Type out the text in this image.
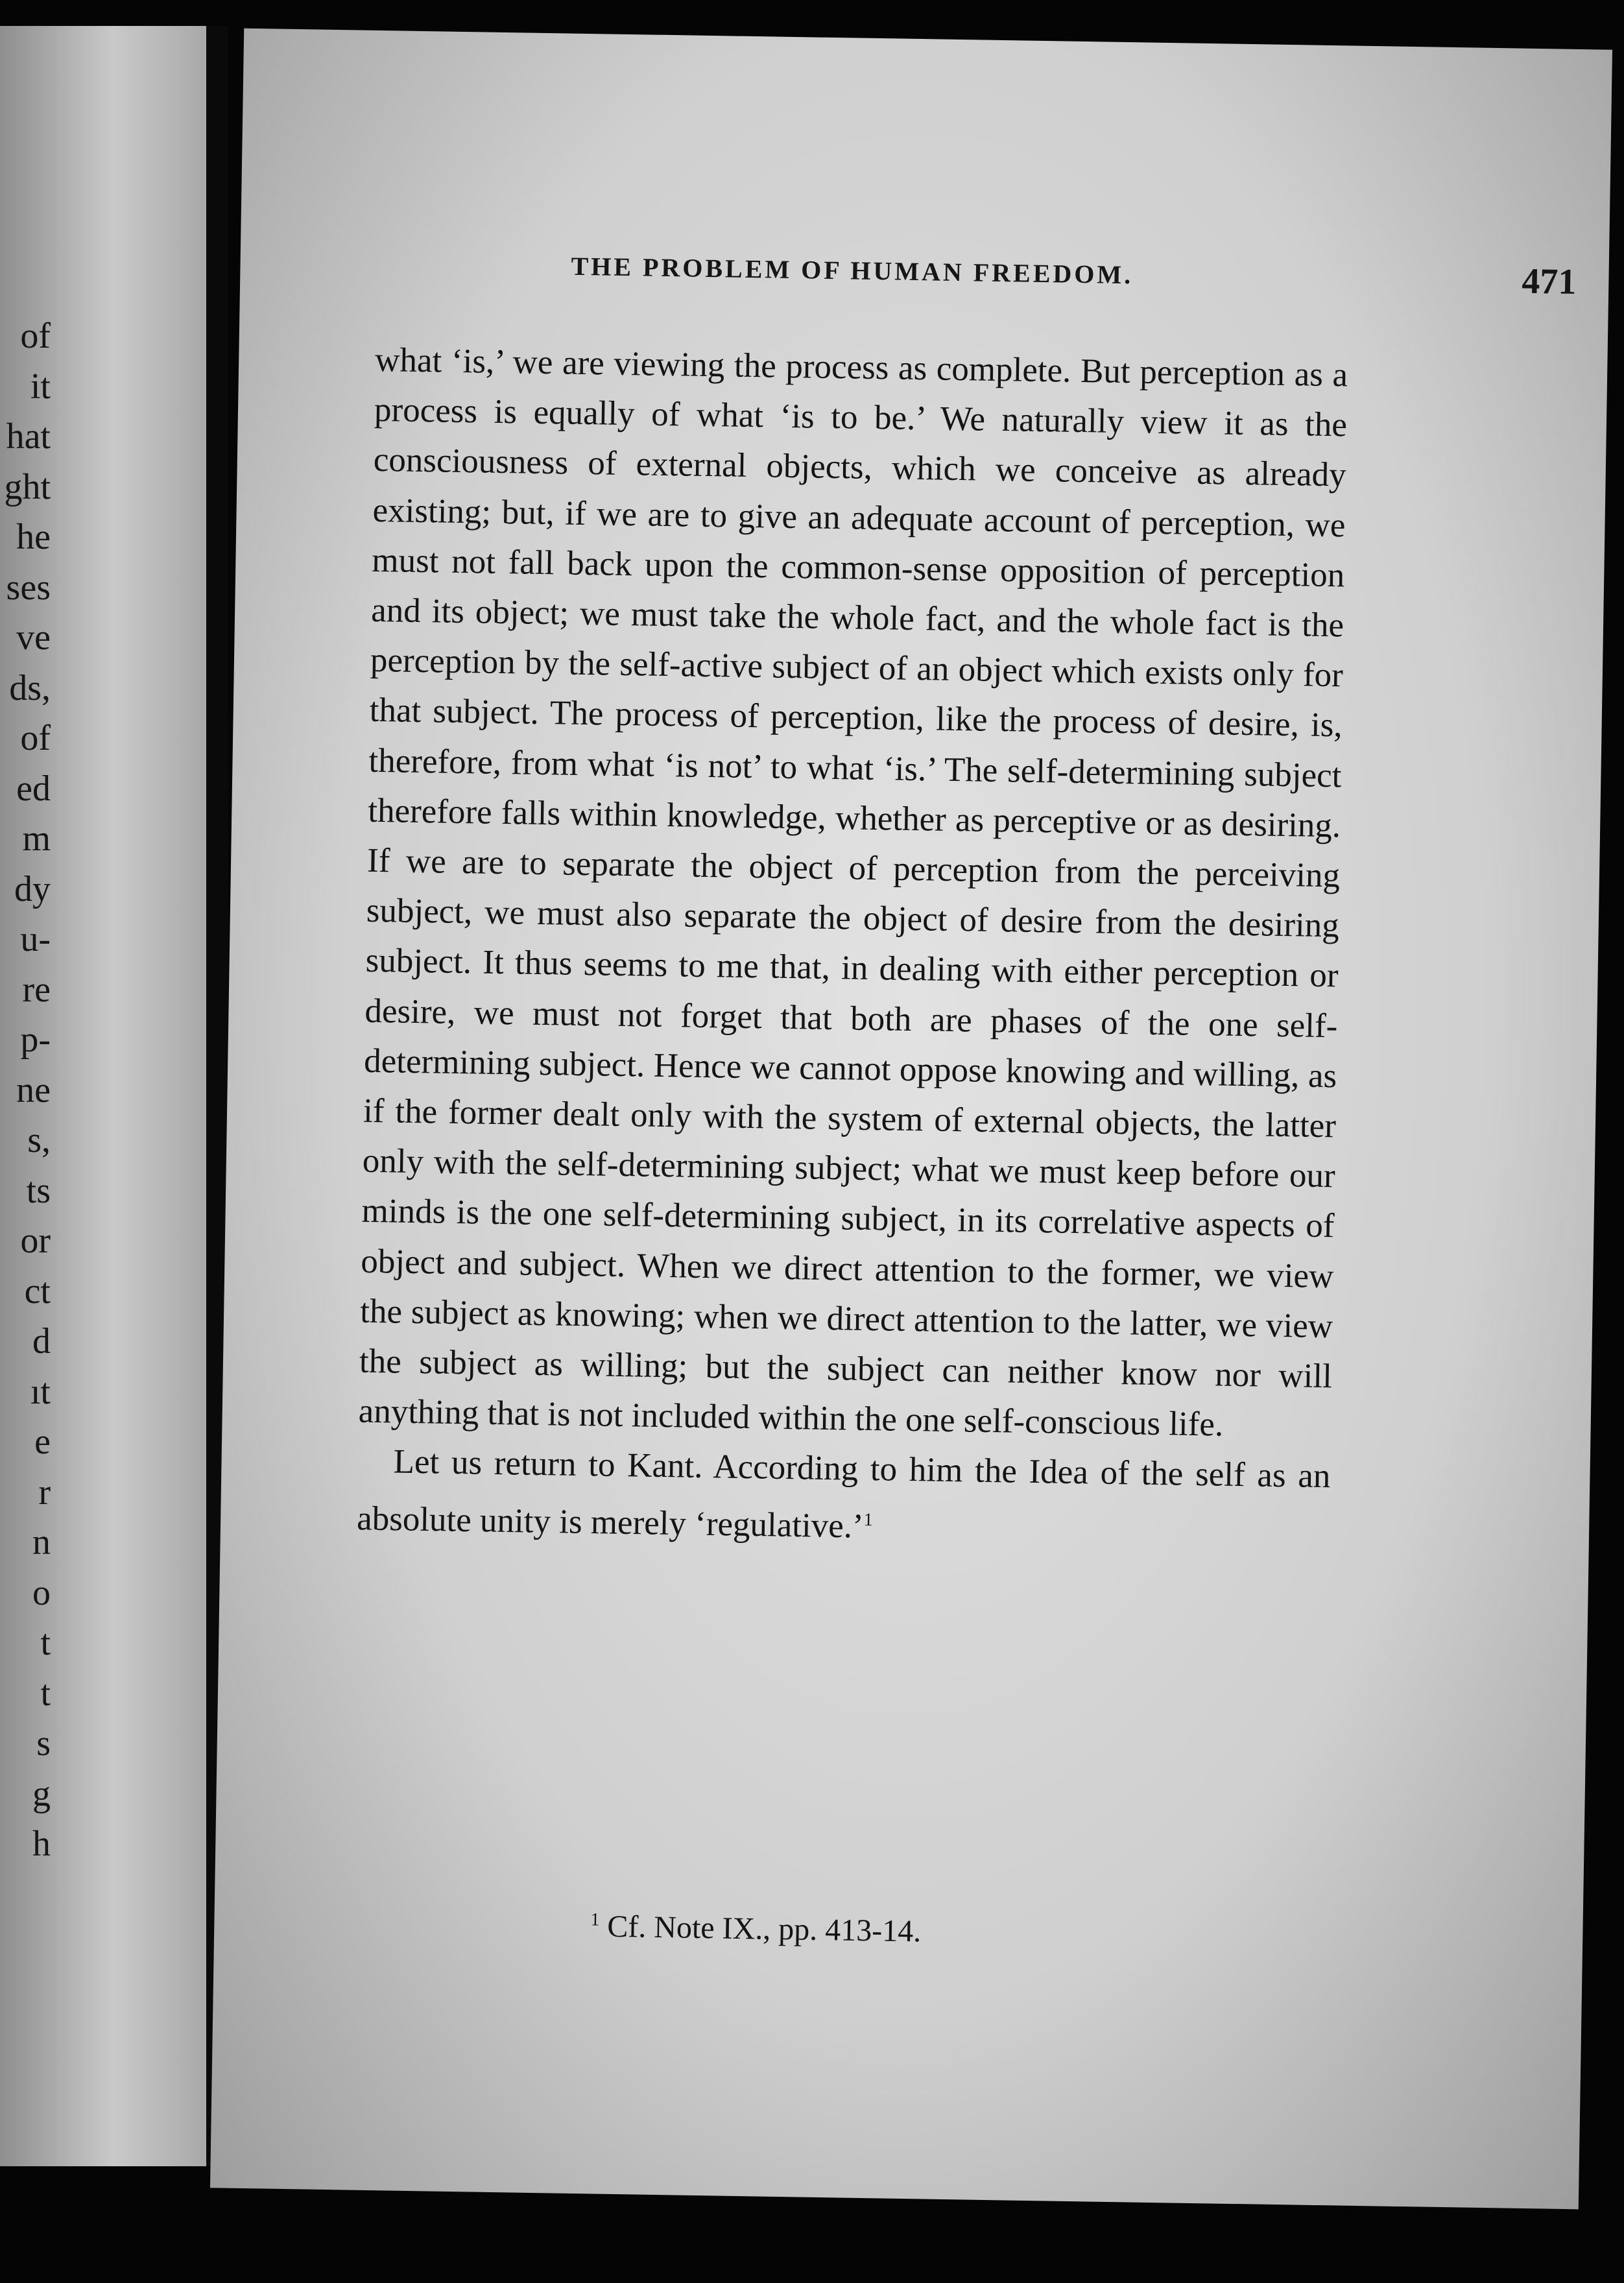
of
it
hat
ght
he
ses
ve
ds,
of
ed
m
dy
u-
re
p-
ne
s,
ts
or
ct
d
ıt
e
r
n
o
t
t
s
g
h
THE PROBLEM OF HUMAN FREEDOM.	471

what ‘is,’ we are viewing the process as complete. But perception as a process is equally of what ‘is to be.’ We naturally view it as the consciousness of external objects, which we conceive as already existing; but, if we are to give an adequate account of perception, we must not fall back upon the common-sense opposition of perception and its object; we must take the whole fact, and the whole fact is the perception by the self-active subject of an object which exists only for that subject. The process of perception, like the process of desire, is, therefore, from what ‘is not’ to what ‘is.’ The self-determining subject therefore falls within knowledge, whether as perceptive or as desiring. If we are to separate the object of perception from the perceiving subject, we must also separate the object of desire from the desiring subject. It thus seems to me that, in dealing with either perception or desire, we must not forget that both are phases of the one self-determining subject. Hence we cannot oppose knowing and willing, as if the former dealt only with the system of external objects, the latter only with the self-determining subject; what we must keep before our minds is the one self-determining subject, in its correlative aspects of object and subject. When we direct attention to the former, we view the subject as knowing; when we direct attention to the latter, we view the subject as willing; but the subject can neither know nor will anything that is not included within the one self-conscious life.

Let us return to Kant. According to him the Idea of the self as an absolute unity is merely ‘regulative.’$^1$

$^1$ Cf. Note IX., pp. 413-14.
